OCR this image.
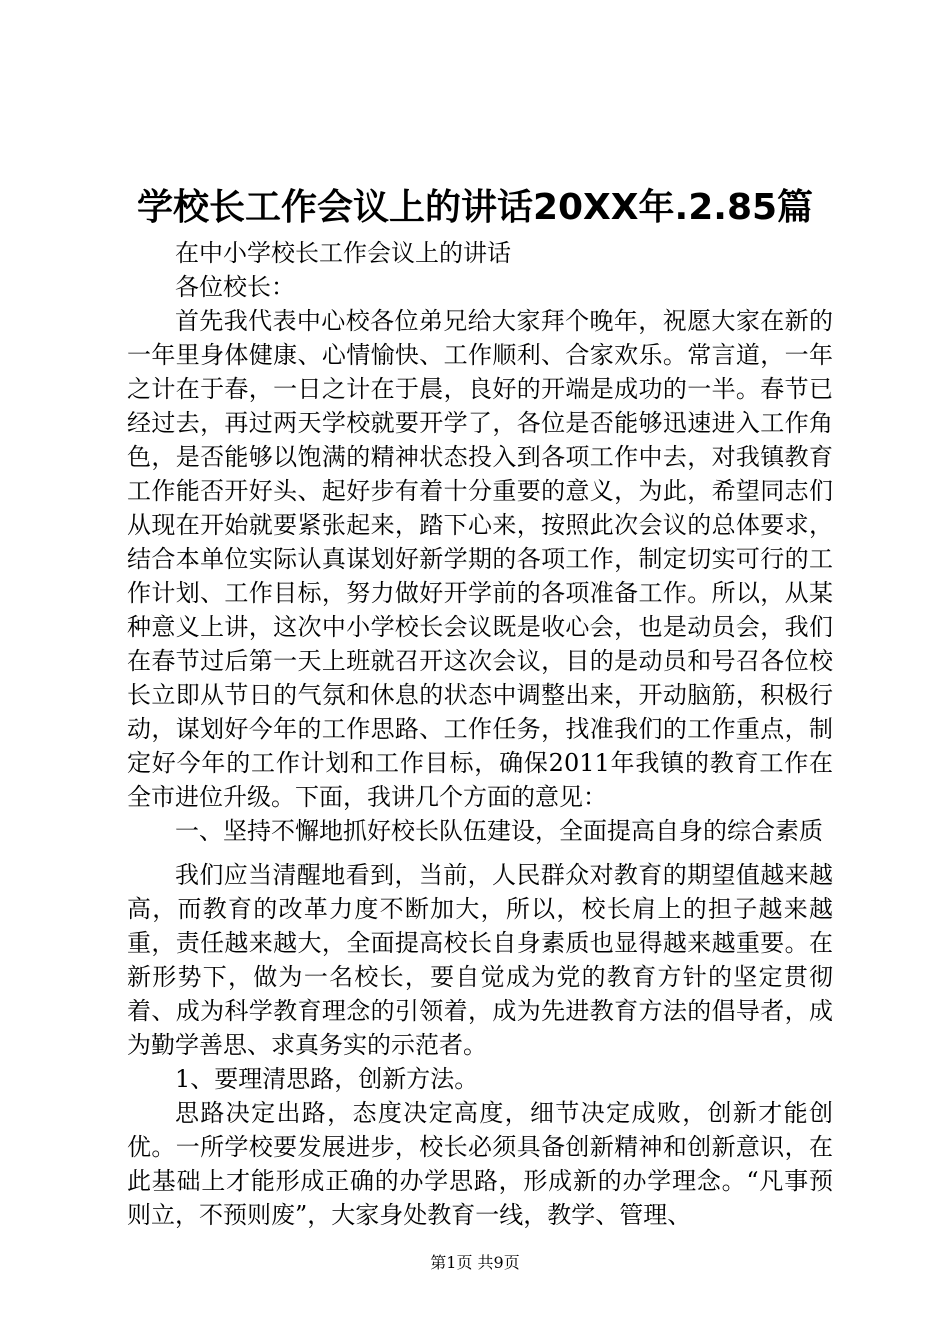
学校长工作会议上的讲话20XX年.2.85篇

在中小学校长工作会议上的讲话

各位校长：

首先我代表中心校各位弟兄给大家拜个晚年，祝愿大家在新的一年里身体健康、心情愉快、工作顺利、合家欢乐。常言道，一年之计在于春，一日之计在于晨，良好的开端是成功的一半。春节已经过去，再过两天学校就要开学了，各位是否能够迅速进入工作角色，是否能够以饱满的精神状态投入到各项工作中去，对我镇教育工作能否开好头、起好步有着十分重要的意义，为此，希望同志们从现在开始就要紧张起来，踏下心来，按照此次会议的总体要求，结合本单位实际认真谋划好新学期的各项工作，制定切实可行的工作计划、工作目标，努力做好开学前的各项准备工作。所以，从某种意义上讲，这次中小学校长会议既是收心会，也是动员会，我们在春节过后第一天上班就召开这次会议，目的是动员和号召各位校长立即从节日的气氛和休息的状态中调整出来，开动脑筋，积极行动，谋划好今年的工作思路、工作任务，找准我们的工作重点，制定好今年的工作计划和工作目标，确保2011年我镇的教育工作在全市进位升级。下面，我讲几个方面的意见：

一、坚持不懈地抓好校长队伍建设，全面提高自身的综合素质

我们应当清醒地看到，当前，人民群众对教育的期望值越来越高，而教育的改革力度不断加大，所以，校长肩上的担子越来越重，责任越来越大，全面提高校长自身素质也显得越来越重要。在新形势下，做为一名校长，要自觉成为党的教育方针的坚定贯彻着、成为科学教育理念的引领着，成为先进教育方法的倡导者，成为勤学善思、求真务实的示范者。

1、要理清思路，创新方法。

思路决定出路，态度决定高度，细节决定成败，创新才能创优。一所学校要发展进步，校长必须具备创新精神和创新意识，在此基础上才能形成正确的办学思路，形成新的办学理念。“凡事预则立，不预则废”，大家身处教育一线，教学、管理、

第1页 共9页
